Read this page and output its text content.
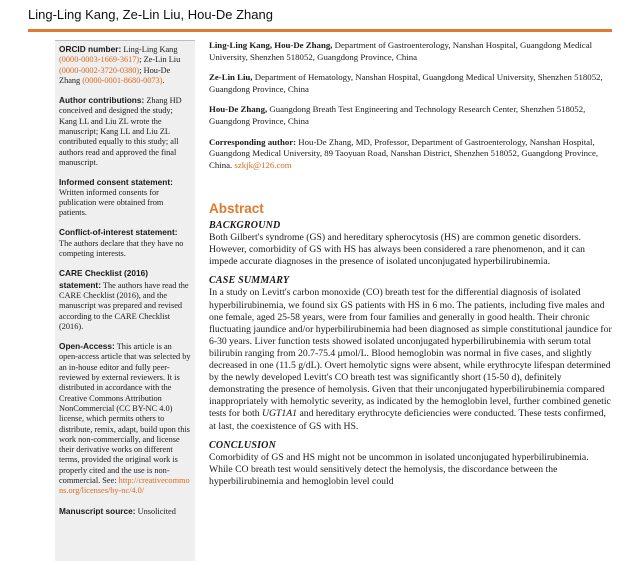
Ling-Ling Kang, Ze-Lin Liu, Hou-De Zhang
ORCID number: Ling-Ling Kang (0000-0003-1669-3617); Ze-Lin Liu (0000-0002-3720-0380); Hou-De Zhang (0000-0001-8680-0073).
Author contributions: Zhang HD conceived and designed the study; Kang LL and Liu ZL wrote the manuscript; Kang LL and Liu ZL contributed equally to this study; all authors read and approved the final manuscript.
Informed consent statement:
Written informed consents for publication were obtained from patients.
Conflict-of-interest statement: The authors declare that they have no competing interests.
CARE Checklist (2016) statement: The authors have read the CARE Checklist (2016), and the manuscript was prepared and revised according to the CARE Checklist (2016).
Open-Access: This article is an open-access article that was selected by an in-house editor and fully peer-reviewed by external reviewers. It is distributed in accordance with the Creative Commons Attribution NonCommercial (CC BY-NC 4.0) license, which permits others to distribute, remix, adapt, build upon this work non-commercially, and license their derivative works on different terms, provided the original work is properly cited and the use is non-commercial. See: http://creativecommons.org/licenses/by-nc/4.0/
Manuscript source: Unsolicited

Ling-Ling Kang, Hou-De Zhang, Department of Gastroenterology, Nanshan Hospital, Guangdong Medical University, Shenzhen 518052, Guangdong Province, China

Ze-Lin Liu, Department of Hematology, Nanshan Hospital, Guangdong Medical University, Shenzhen 518052, Guangdong Province, China

Hou-De Zhang, Guangdong Breath Test Engineering and Technology Research Center, Shenzhen 518052, Guangdong Province, China

Corresponding author: Hou-De Zhang, MD, Professor, Department of Gastroenterology, Nanshan Hospital, Guangdong Medical University, 89 Taoyuan Road, Nanshan District, Shenzhen 518052, Guangdong Province, China. szkjk@126.com

Abstract
BACKGROUND

Both Gilbert's syndrome (GS) and hereditary spherocytosis (HS) are common genetic disorders. However, comorbidity of GS with HS has always been considered a rare phenomenon, and it can impede accurate diagnoses in the presence of isolated unconjugated hyperbilirubinemia.

CASE SUMMARY

In a study on Levitt's carbon monoxide (CO) breath test for the differential diagnosis of isolated hyperbilirubinemia, we found six GS patients with HS in 6 mo. The patients, including five males and one female, aged 25-58 years, were from four families and generally in good health. Their chronic fluctuating jaundice and/or hyperbilirubinemia had been diagnosed as simple constitutional jaundice for 6-30 years. Liver function tests showed isolated unconjugated hyperbilirubinemia with serum total bilirubin ranging from 20.7-75.4 μmol/L. Blood hemoglobin was normal in five cases, and slightly decreased in one (11.5 g/dL). Overt hemolytic signs were absent, while erythrocyte lifespan determined by the newly developed Levitt's CO breath test was significantly short (15-50 d), definitely demonstrating the presence of hemolysis. Given that their unconjugated hyperbilirubinemia compared inappropriately with hemolytic severity, as indicated by the hemoglobin level, further combined genetic tests for both UGT1A1 and hereditary erythrocyte deficiencies were conducted. These tests confirmed, at last, the coexistence of GS with HS.

CONCLUSION

Comorbidity of GS and HS might not be uncommon in isolated unconjugated hyperbilirubinemia. While CO breath test would sensitively detect the hemolysis, the discordance between the hyperbilirubinemia and hemoglobin level could
